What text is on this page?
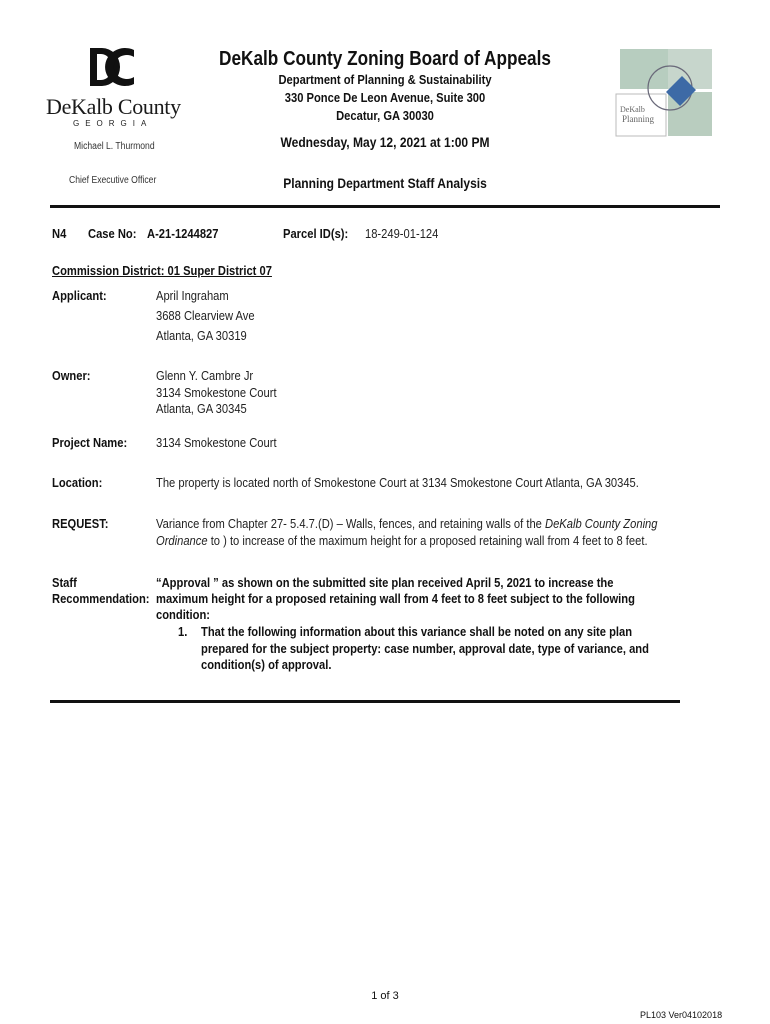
DeKalb County
GEORGIA
Michael L. Thurmond
Chief Executive Officer
DeKalb County Zoning Board of Appeals
Department of Planning & Sustainability
330 Ponce De Leon Avenue, Suite 300
Decatur, GA 30030
Wednesday, May 12, 2021 at 1:00 PM
Planning Department Staff Analysis
DeKalb
Planning
N4 Case No: A-21-1244827	Parcel ID(s): 18-249-01-124
Commission District: 01 Super District 07
Applicant:	April Ingraham
3688 Clearview Ave
Atlanta, GA 30319
Owner:	Glenn Y. Cambre Jr
3134 Smokestone Court
Atlanta, GA 30345
Project Name: 3134 Smokestone Court
Location:	The property is located north of Smokestone Court at 3134 Smokestone Court Atlanta, GA 30345.
REQUEST:	Variance from Chapter 27- 5.4.7.(D) – Walls, fences, and retaining walls of the DeKalb County Zoning
Ordinance to ) to increase of the maximum height for a proposed retaining wall from 4 feet to 8 feet.
Staff
Recommendation:
“Approval ” as shown on the submitted site plan received April 5, 2021 to increase the
maximum height for a proposed retaining wall from 4 feet to 8 feet subject to the following
condition:
1. That the following information about this variance shall be noted on any site plan
prepared for the subject property: case number, approval date, type of variance, and
condition(s) of approval.
1 of 3
PL103 Ver04102018
